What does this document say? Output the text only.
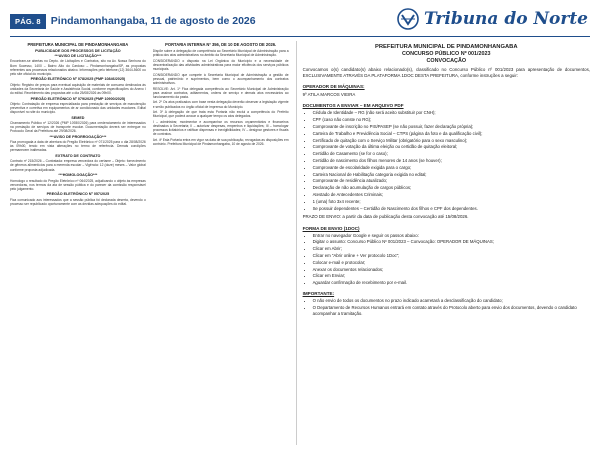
PÁG. 8 Pindamonhangaba, 11 de agosto de 2026	Tribuna do Norte
PREFEITURA MUNICIPAL DE PINDAMONHANGABA
PUBLICIDADE DOS PROCESSOS DE LICITAÇÃO
***AVISO DE LICITAÇÃO***

Encontram-se abertas no Depto. de Licitações e Contratos, sito na Av. Nossa Senhora do Bom Sucesso, 1400 – Bairro Alto do Cardoso – Pindamonhangaba/SP, as propostas referentes aos processos relacionados abaixo. Informações pelo telefone (12) 3644-5600 ou pelo site oficial do município.

PREGÃO ELETRÔNICO Nº 078/2025 (PMP 10846/2025)

Objeto: Registro de preços para eventual aquisição de materiais de consumo destinados às unidades da Secretaria de Saúde e Assistência Social, conforme especificações do Anexo I do edital. Recebimento das propostas até o dia 25/08/2026 às 09h00.

PREGÃO ELETRÔNICO Nº 079/2025 (PMP 10900/2025)

Objeto: Contratação de empresa especializada para prestação de serviços de manutenção preventiva e corretiva em equipamentos de ar condicionado das unidades escolares. Edital disponível no site do município.

SEMED

Chamamento Público nº 12/2026 (PMP 10930/2026) para credenciamento de interessados na prestação de serviços de transporte escolar. Documentação deverá ser entregue no Protocolo Geral da Prefeitura até 29/08/2026.

***AVISO DE PRORROGAÇÃO***

Fica prorrogada a data de abertura do Pregão Eletrônico nº 071/2025 para o dia 28/08/2026 às 09h00, tendo em vista alterações no termo de referência. Demais condições permanecem inalteradas.

EXTRATO DE CONTRATO

Contrato nº 215/2026 – Contratada: empresa vencedora do certame – Objeto: fornecimento de gêneros alimentícios para a merenda escolar – Vigência: 12 (doze) meses – Valor global conforme proposta adjudicada.

***HOMOLOGAÇÃO***

Homologo o resultado do Pregão Eletrônico nº 064/2025, adjudicando o objeto às empresas vencedoras, nos termos da ata de sessão pública e do parecer da comissão responsável pelo julgamento.

PREGÃO ELETRÔNICO Nº 057/2025

Fica comunicado aos interessados que a sessão pública foi declarada deserta, devendo o processo ser republicado oportunamente com as devidas adequações do edital.

PORTARIA INTERNA Nº 356, DE 10 DE AGOSTO DE 2026.

Dispõe sobre a delegação de competência ao Secretário Municipal de Administração para a prática dos atos administrativos no âmbito da Secretaria Municipal de Administração.

CONSIDERANDO o disposto na Lei Orgânica do Município e a necessidade de descentralização das atividades administrativas para maior eficiência dos serviços públicos municipais.

CONSIDERANDO que compete à Secretaria Municipal de Administração a gestão de pessoal, patrimônio e suprimentos, bem como o acompanhamento dos contratos administrativos.

RESOLVE: Art. 1º Fica delegada competência ao Secretário Municipal de Administração para assinar contratos, aditamentos, ordens de serviço e demais atos necessários ao funcionamento da pasta.

Art. 2º Os atos praticados com base nesta delegação deverão observar a legislação vigente e serão publicados no órgão oficial de imprensa do Município.

Art. 3º A delegação de que trata esta Portaria não exclui a competência do Prefeito Municipal, que poderá avocar a qualquer tempo os atos delegados.

I – administrar, movimentar e acompanhar os recursos orçamentários e financeiros destinados à Secretaria; II – autorizar despesas, empenhos e liquidações; III – homologar processos licitatórios e ratificar dispensas e inexigibilidades; IV – designar gestores e fiscais de contratos.

Art. 4º Esta Portaria entra em vigor na data de sua publicação, revogadas as disposições em contrário. Prefeitura Municipal de Pindamonhangaba, 10 de agosto de 2026.

PREFEITURA MUNICIPAL DE PINDAMONHANGABA
CONCURSO PÚBLICO Nº 001/2023
CONVOCAÇÃO

Convocamos o(s) candidato(s) abaixo relacionado(s), classificado no Concurso Público nº 001/2023 para apresentação de documentos, EXCLUSIVAMENTE ATRAVÉS DA PLATAFORMA 1DOC DESTA PREFEITURA, conforme instruções a seguir:

OPERADOR DE MÁQUINAS:

9º ATILA MARCOS VIEIRA

DOCUMENTOS A ENVIAR – EM ARQUIVO PDF
• Cédula de Identidade – RG (não será aceito substituir por CNH);
• CPF (caso não conste no RG);
• Comprovante de inscrição no PIS/PASEP (se não possuir, fazer declaração própria);
• Carteira de Trabalho e Previdência Social – CTPS (página da foto e da qualificação civil);
• Certificado de quitação com o Serviço Militar (obrigatório para o sexo masculino);
• Comprovante de votação da última eleição ou certidão de quitação eleitoral;
• Certidão de Casamento (se for o caso);
• Certidão de nascimento dos filhos menores de 14 anos (se houver);
• Comprovante de escolaridade exigida para o cargo;
• Carteira Nacional de Habilitação categoria exigida no edital;
• Comprovante de residência atualizado;
• Declaração de não acumulação de cargos públicos;
• Atestado de Antecedentes Criminais;
• 1 (uma) foto 3x4 recente;
• Se possuir dependentes – Certidão de Nascimento dos filhos e CPF dos dependentes.

PRAZO DE ENVIO: a partir da data de publicação desta convocação até 15/08/2026.

FORMA DE ENVIO (1DOC)
• Entrar no navegador Google e seguir os passos abaixo:
• Digitar o assunto: Concurso Público Nº 001/2023 – Convocação: OPERADOR DE MÁQUINAS;
• Clicar em Abrir;
• Clicar em "Abrir online + Ver protocolo 1Doc";
• Colocar e-mail e protocolar;
• Anexar os documentos relacionados;
• Clicar em Enviar;
• Aguardar confirmação de recebimento por e-mail.
IMPORTANTE:
• O não envio de todos os documentos no prazo indicado acarretará a desclassificação do candidato;
• O Departamento de Recursos Humanos entrará em contato através do Protocolo aberto para envio dos documentos, devendo o candidato acompanhar a tramitação.
